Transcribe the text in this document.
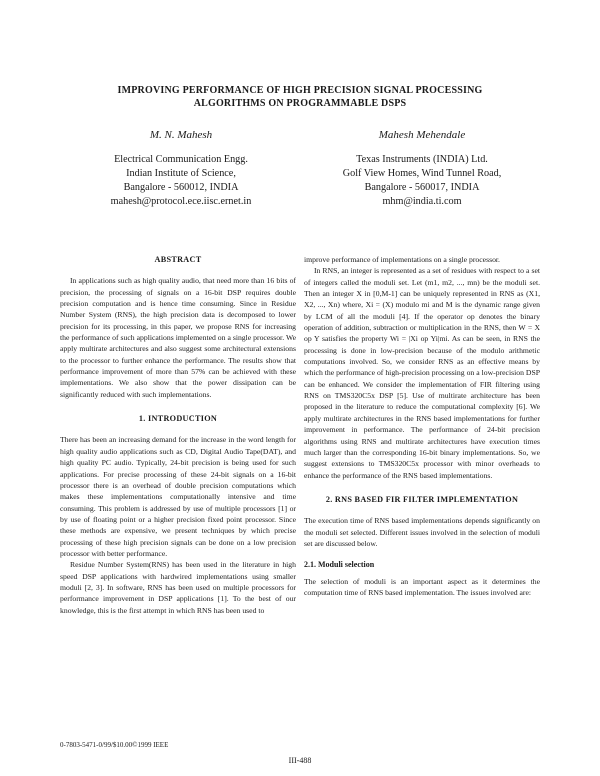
IMPROVING PERFORMANCE OF HIGH PRECISION SIGNAL PROCESSING
ALGORITHMS ON PROGRAMMABLE DSPS
M. N. Mahesh
Electrical Communication Engg.
Indian Institute of Science,
Bangalore - 560012, INDIA
mahesh@protocol.ece.iisc.ernet.in
Mahesh Mehendale
Texas Instruments (INDIA) Ltd.
Golf View Homes, Wind Tunnel Road,
Bangalore - 560017, INDIA
mhm@india.ti.com
ABSTRACT

In applications such as high quality audio, that need more than 16 bits of precision, the processing of signals on a 16-bit DSP requires double precision computation and is hence time consuming. Since in Residue Number System (RNS), the high precision data is decomposed to lower precision for its processing, in this paper, we propose RNS for increasing the performance of such applications implemented on a single processor. We apply multirate architectures and also suggest some architectural extensions to the processor to further enhance the performance. The results show that performance improvement of more than 57% can be achieved with these implementations. We also show that the power dissipation can be significantly reduced with such implementations.

1. INTRODUCTION

There has been an increasing demand for the increase in the word length for high quality audio applications such as CD, Digital Audio Tape(DAT), and high quality PC audio. Typically, 24-bit precision is being used for such applications. For precise processing of these 24-bit signals on a 16-bit processor there is an overhead of double precision computations which makes these implementations computationally intensive and time consuming. This problem is addressed by use of multiple processors [1] or by use of floating point or a higher precision fixed point processor. Since these methods are expensive, we present techniques by which precise processing of these high precision signals can be done on a low precision processor with better performance.

Residue Number System(RNS) has been used in the literature in high speed DSP applications with hardwired implementations using smaller moduli [2, 3]. In software, RNS has been used on multiple processors for performance improvement in DSP applications [1]. To the best of our knowledge, this is the first attempt in which RNS has been used to

improve performance of implementations on a single processor.

In RNS, an integer is represented as a set of residues with respect to a set of integers called the moduli set. Let (m1, m2, ..., mn) be the moduli set. Then an integer X in [0,M-1] can be uniquely represented in RNS as (X1, X2, ..., Xn) where, Xi = (X) modulo mi and M is the dynamic range given by LCM of all the moduli [4]. If the operator op denotes the binary operation of addition, subtraction or multiplication in the RNS, then W = X op Y satisfies the property Wi = |Xi op Yi|mi. As can be seen, in RNS the processing is done in low-precision because of the modulo arithmetic computations involved. So, we consider RNS as an effective means by which the performance of high-precision processing on a low-precision DSP can be enhanced. We consider the implementation of FIR filtering using RNS on TMS320C5x DSP [5]. Use of multirate architecture has been proposed in the literature to reduce the computational complexity [6]. We apply multirate architectures in the RNS based implementations for further improvement in performance. The performance of 24-bit precision algorithms using RNS and multirate architectures have execution times much larger than the corresponding 16-bit binary implementations. So, we suggest extensions to TMS320C5x processor with minor overheads to enhance the performance of the RNS based implementations.

2. RNS BASED FIR FILTER IMPLEMENTATION

The execution time of RNS based implementations depends significantly on the moduli set selected. Different issues involved in the selection of moduli set are discussed below.

2.1. Moduli selection

The selection of moduli is an important aspect as it determines the computation time of RNS based implementation. The issues involved are:

0-7803-5471-0/99/$10.00©1999 IEEE
III-488
